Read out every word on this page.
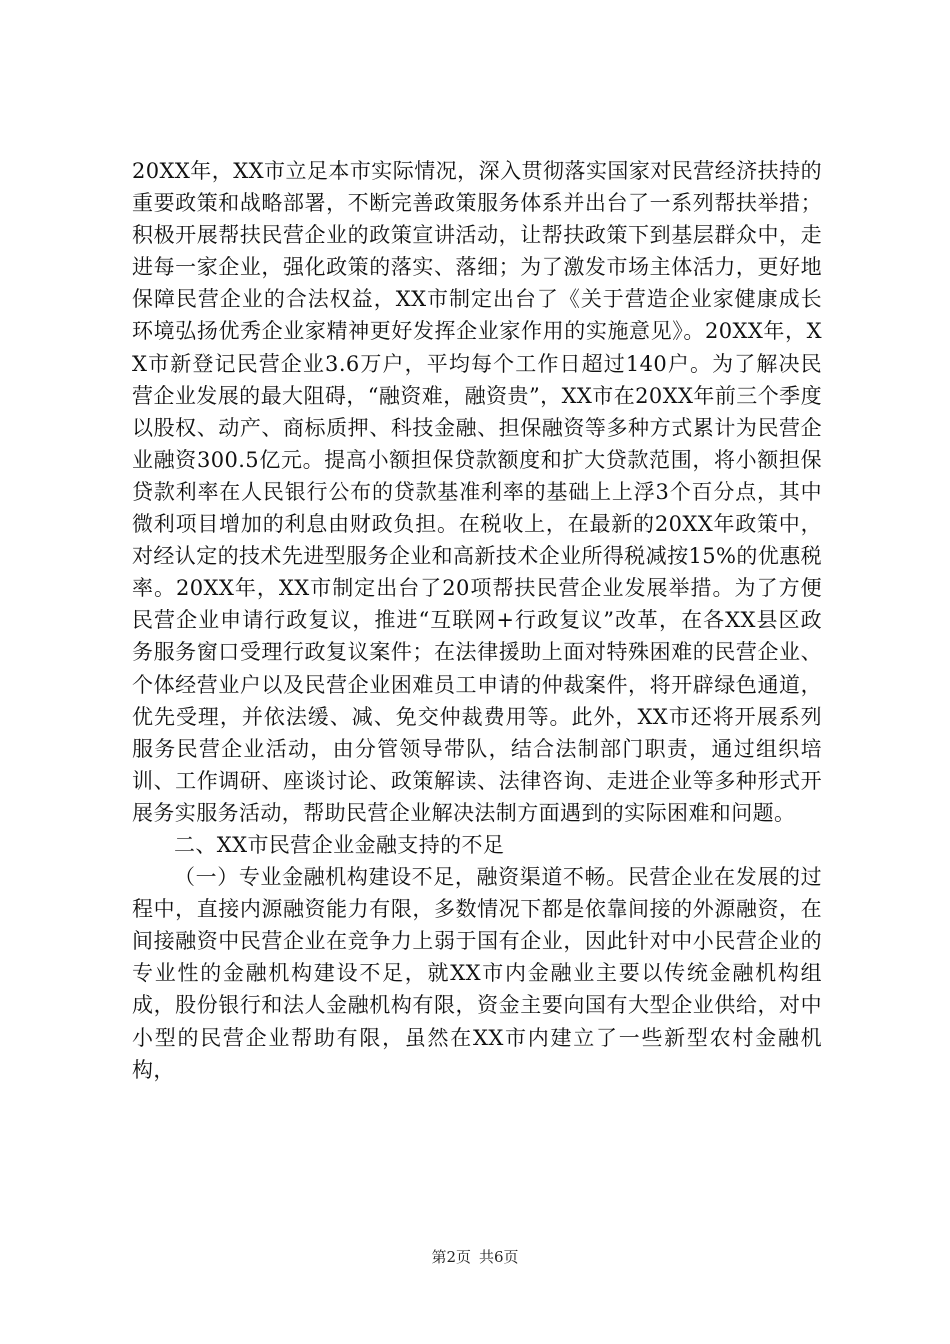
20XX年，XX市立足本市实际情况，深入贯彻落实国家对民营经济扶持的重要政策和战略部署，不断完善政策服务体系并出台了一系列帮扶举措；积极开展帮扶民营企业的政策宣讲活动，让帮扶政策下到基层群众中，走进每一家企业，强化政策的落实、落细；为了激发市场主体活力，更好地保障民营企业的合法权益，XX市制定出台了《关于营造企业家健康成长环境弘扬优秀企业家精神更好发挥企业家作用的实施意见》。20XX年，XX市新登记民营企业3.6万户，平均每个工作日超过140户。为了解决民营企业发展的最大阻碍，“融资难，融资贵”，XX市在20XX年前三个季度以股权、动产、商标质押、科技金融、担保融资等多种方式累计为民营企业融资300.5亿元。提高小额担保贷款额度和扩大贷款范围，将小额担保贷款利率在人民银行公布的贷款基准利率的基础上上浮3个百分点，其中微利项目增加的利息由财政负担。在税收上，在最新的20XX年政策中，对经认定的技术先进型服务企业和高新技术企业所得税减按15%的优惠税率。20XX年，XX市制定出台了20项帮扶民营企业发展举措。为了方便民营企业申请行政复议，推进“互联网+行政复议”改革，在各XX县区政务服务窗口受理行政复议案件；在法律援助上面对特殊困难的民营企业、个体经营业户以及民营企业困难员工申请的仲裁案件，将开辟绿色通道，优先受理，并依法缓、减、免交仲裁费用等。此外，XX市还将开展系列服务民营企业活动，由分管领导带队，结合法制部门职责，通过组织培训、工作调研、座谈讨论、政策解读、法律咨询、走进企业等多种形式开展务实服务活动，帮助民营企业解决法制方面遇到的实际困难和问题。

二、XX市民营企业金融支持的不足

（一）专业金融机构建设不足，融资渠道不畅。民营企业在发展的过程中，直接内源融资能力有限，多数情况下都是依靠间接的外源融资，在间接融资中民营企业在竞争力上弱于国有企业，因此针对中小民营企业的专业性的金融机构建设不足，就XX市内金融业主要以传统金融机构组成，股份银行和法人金融机构有限，资金主要向国有大型企业供给，对中小型的民营企业帮助有限，虽然在XX市内建立了一些新型农村金融机构，

第2页 共6页
